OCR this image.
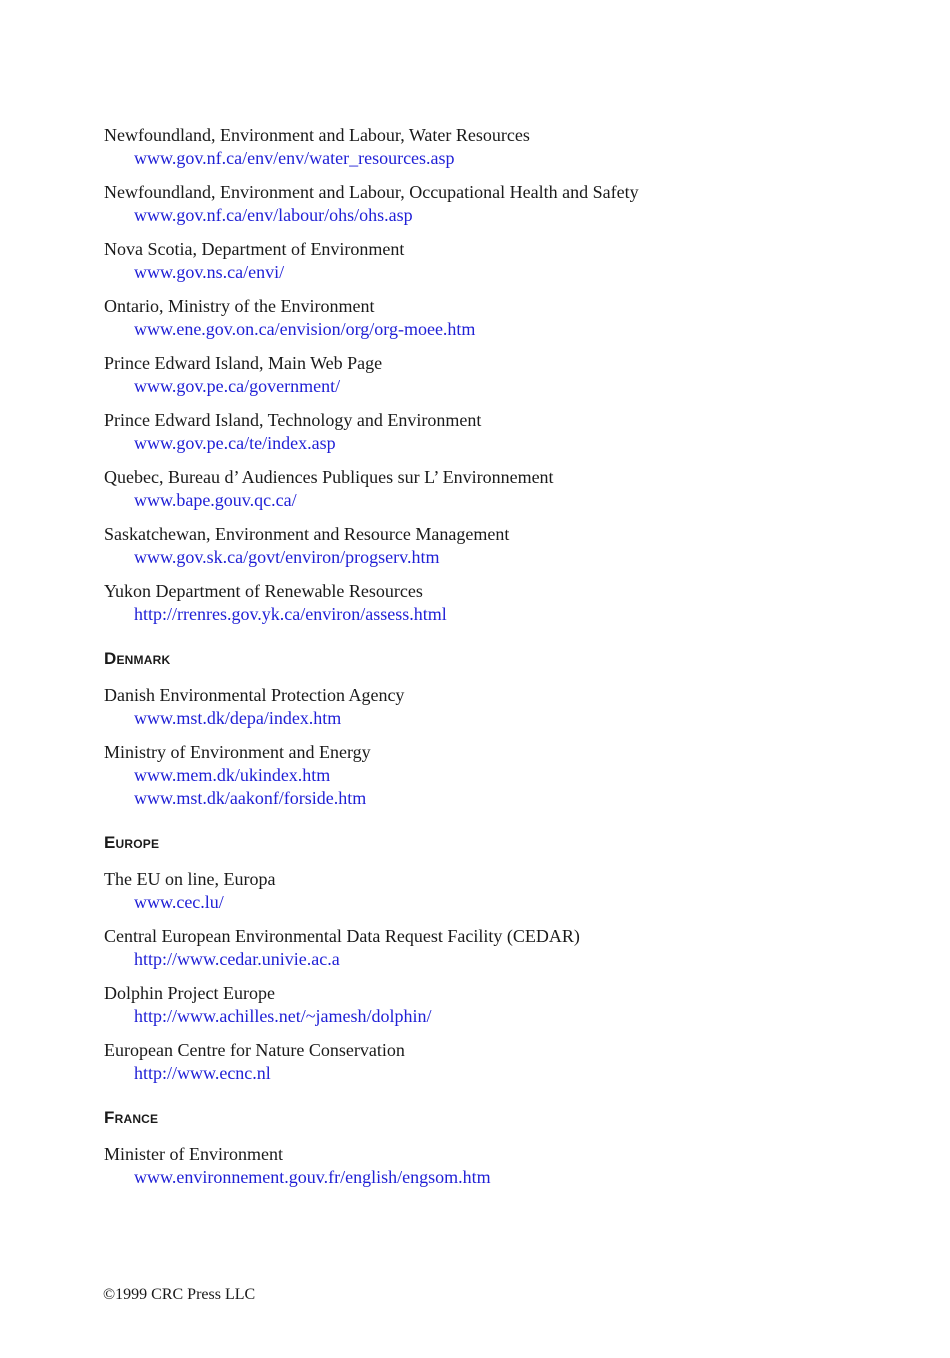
Newfoundland, Environment and Labour, Water Resources
www.gov.nf.ca/env/env/water_resources.asp
Newfoundland, Environment and Labour, Occupational Health and Safety
www.gov.nf.ca/env/labour/ohs/ohs.asp
Nova Scotia, Department of Environment
www.gov.ns.ca/envi/
Ontario, Ministry of the Environment
www.ene.gov.on.ca/envision/org/org-moee.htm
Prince Edward Island, Main Web Page
www.gov.pe.ca/government/
Prince Edward Island, Technology and Environment
www.gov.pe.ca/te/index.asp
Quebec, Bureau d’ Audiences Publiques sur L’ Environnement
www.bape.gouv.qc.ca/
Saskatchewan, Environment and Resource Management
www.gov.sk.ca/govt/environ/progserv.htm
Yukon Department of Renewable Resources
http://rrenres.gov.yk.ca/environ/assess.html
Denmark
Danish Environmental Protection Agency
www.mst.dk/depa/index.htm
Ministry of Environment and Energy
www.mem.dk/ukindex.htm
www.mst.dk/aakonf/forside.htm
Europe
The EU on line, Europa
www.cec.lu/
Central European Environmental Data Request Facility (CEDAR)
http://www.cedar.univie.ac.a
Dolphin Project Europe
http://www.achilles.net/~jamesh/dolphin/
European Centre for Nature Conservation
http://www.ecnc.nl
France
Minister of Environment
www.environnement.gouv.fr/english/engsom.htm
©1999 CRC Press LLC
